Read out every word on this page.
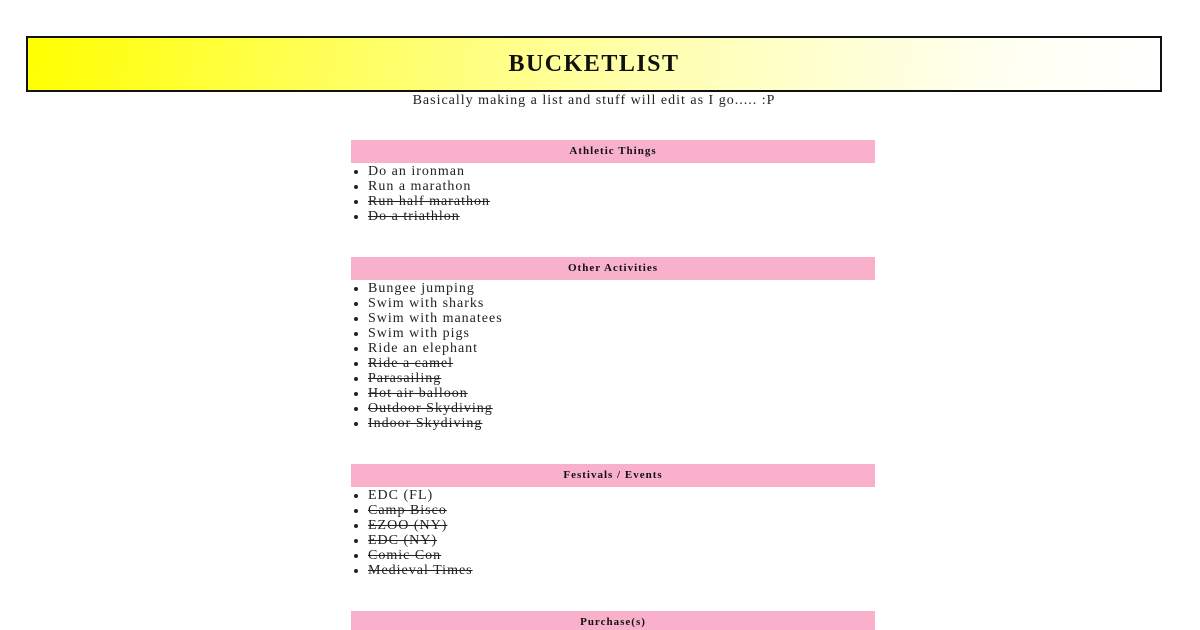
BUCKETLIST
Basically making a list and stuff will edit as I go..... :P
Athletic Things
• Do an ironman
• Run a marathon
• Run half marathon
• Do a triathlon
Other Activities
• Bungee jumping
• Swim with sharks
• Swim with manatees
• Swim with pigs
• Ride an elephant
• Ride a camel
• Parasailing
• Hot air balloon
• Outdoor Skydiving
• Indoor Skydiving
Festivals / Events
• EDC (FL)
• Camp Bisco
• EZOO (NY)
• EDC (NY)
• Comic Con
• Medieval Times
Purchase(s)
